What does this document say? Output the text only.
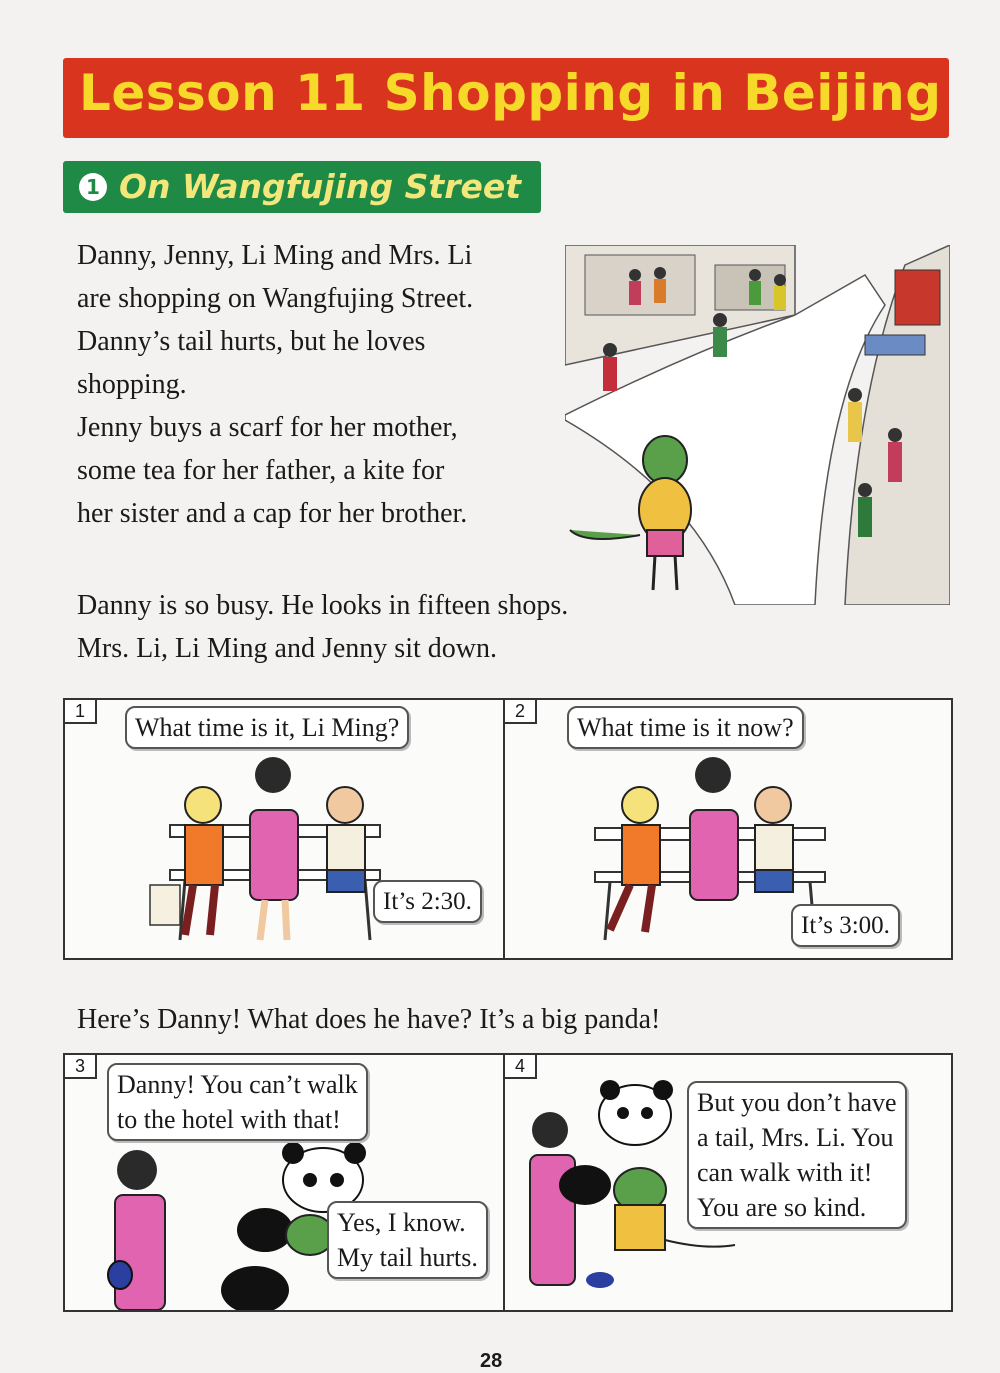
Lesson 11 Shopping in Beijing
1 On Wangfujing Street
Danny, Jenny, Li Ming and Mrs. Li
are shopping on Wangfujing Street.
Danny’s tail hurts, but he loves
shopping.
Jenny buys a scarf for her mother,
some tea for her father, a kite for
her sister and a cap for her brother.
Danny is so busy. He looks in fifteen shops.
Mrs. Li, Li Ming and Jenny sit down.
1
What time is it, Li Ming?
It’s 2:30.
2
What time is it now?
It’s 3:00.
Here’s Danny! What does he have? It’s a big panda!
3
Danny! You can’t walk
to the hotel with that!
Yes, I know.
My tail hurts.
4
But you don’t have
a tail, Mrs. Li. You
can walk with it!
You are so kind.
28
